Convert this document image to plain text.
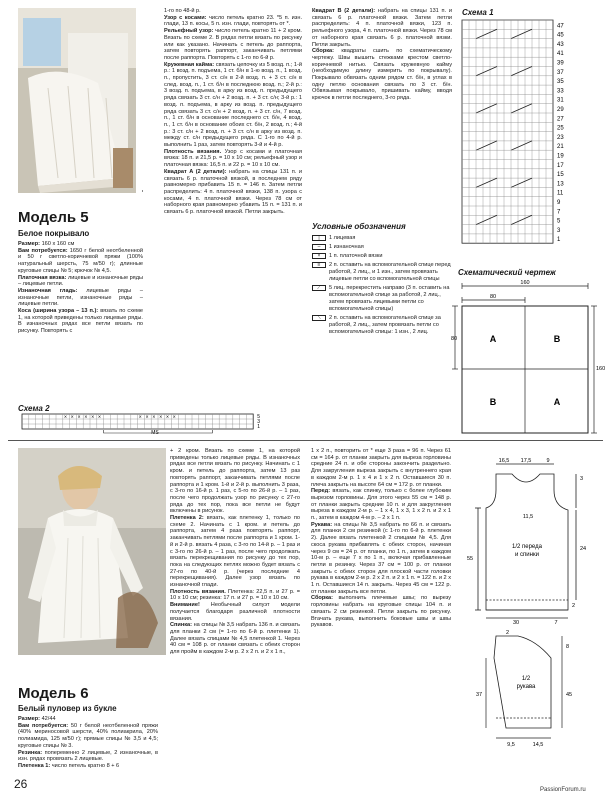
Модель 5
Белое покрывало

Размер: 160 х 160 см

Вам потребуется: 1650 г белой неотбеленной и 50 г светло-коричневой пряжи (100% натуральный шерсть, 75 м/50 г); длинные круговые спицы № 5; крючок № 4,5.

Платочная вязка: лицевые и изнаночные ряды – лицевые петли.

Изнаночная гладь: лицевые ряды – изнаночные петли, изнаночные ряды – лицевые петли.

Коса (ширина узора – 13 п.): вязать по схеме 1, на которой приведены только лицевые ряды. В изнаночных рядах все петли вязать по рисунку. Повторять с

1-го по 48-й р.

Узор с косами: число петель кратно 23. *5 п. изн. глади, 13 п. косы, 5 п. изн. глади, повторять от *.

Рельефный узор: число петель кратно 11 + 2 кром. Вязать по схеме 2. В рядах петли вязать по рисунку или как указано. Начинать с петель до раппорта, затем повторять раппорт, заканчивать петлями после раппорта. Повторять с 1-го по 6-й р.

Кружевная кайма: связать цепочку из 5 возд. п.; 1-й р.: 1 возд. п. подъема, 1 ст. б/н в 1-ю возд. п., 1 возд. п., пропустить, 3 ст. с/н в 2-й возд. п. + 3 ст. с/н в след. возд. п., 1 ст. б/н в последнюю возд. п.; 2-й р.: 3 возд. п. подъема, в арку из возд. п. предыдущего ряда связать 3 ст. с/н + 2 возд. п. + 3 ст. с/н; 3-й р.: 1 возд. п. подъема, в арку из возд. п. предыдущего ряда связать 3 ст. с/н + 2 возд. п. + 3 ст. с/н, 7 возд. п., 1 ст. б/н в основание последнего ст. б/н, 4 возд. п., 1 ст. б/н в основание обоих ст. б/н, 2 возд. п.; 4-й р.: 3 ст. с/н + 2 возд. п. + 3 ст. с/н в арку из возд. п. между ст. с/н предыдущего ряда. С 1-го по 4-й р. выполнить 1 раз, затем повторять 3-й и 4-й р.

Плотность вязания. Узор с косами и платочная вязка: 18 п. и 21,5 р. = 10 х 10 см; рельефный узор и платочная вязка: 16,5 п. и 22 р. = 10 х 10 см.

Квадрат А (2 детали): набрать на спицы 131 п. и связать 6 р. платочной вязкой, в последнем ряду равномерно прибавить 15 п. = 146 п. Затем петли распределить: 4 п. платочной вязки, 138 п. узора с косами, 4 п. платочной вязки. Через 78 см от наборного края равномерно убавить 15 п. = 131 п. и связать 6 р. платочной вязкой. Петли закрыть.

Квадрат В (2 детали): набрать на спицы 131 п. и связать 6 р. платочной вязки. Затем петли распределить: 4 п. платочной вязки, 123 п. рельефного узора, 4 п. платочной вязки. Через 78 см от наборного края связать 6 р. платочной вязки. Петли закрыть.

Сборка: квадраты сшить по схематическому чертежу. Швы вышить стежками крестом светло-коричневой нитью. Связать кружевную кайму (необходимую длину измерить по покрывалу). Покрывало обвязать одним рядом ст. б/н, в углах в одну петлю основания связать по 3 ст. б/н. Обвязывая покрывало, пришивать кайму, вводя крючок в петли последнего, 3-го ряда.

Условные обозначения
|	1 лицевая
–	1 изнаночная
×	1 п. платочной вязки
≡	2 п. оставить на вспомогательной спице перед работой, 2 лиц., и 1 изн., затем провязать лицевые петли со вспомогательной спицы
⟋	5 лиц. перекрестить направо (3 п. оставить на вспомогательной спице за работой, 2 лиц., затем провязать лицевыми петли со вспомогательной спицы)
⟍	2 п. оставить на вспомогательной спице за работой, 2 лиц., затем провязать петли со вспомогательной спицы: 1 изн., 2 лиц.
Схема 1
47
45
43
41
39
37
35
33
31
29
27
25
23
21
19
17
15
13
11
9
7
5
3
1
Схематический чертеж
160
80
160
80	A	B
B	A
Схема 2
5
× × × × × ×	× × × × × ×
3
1
MS
Модель 6
Белый пуловер из букле

Размер: 42/44

Вам потребуется: 50 г белой неотбеленной пряжи (40% мериносовой шерсти, 40% полиакрила, 20% полиамида, 125 м/50 г); прямые спицы № 3,5 и 4,5; круговые спицы № 3.

Резинка: попеременно 2 лицевые, 2 изнаночные, в изн. рядах провязать 2 лицевые.

Плетенка 1: число петель кратно 8 + 6

+ 2 кром. Вязать по схеме 1, на которой приведены только лицевые ряды. В изнаночных рядах все петли вязать по рисунку. Начинать с 1 кром. и петель до раппорта, затем 13 раз повторять раппорт, заканчивать петлями после раппорта и 1 кром. 1-й и 2-й р. выполнить 3 раза, с 3-го по 16-й р. 1 раз, с 5-го по 26-й р. – 1 раз, после чего продолжать узор по рисунку с 27-го ряда до тех пор, пока все петли не будут включены в рисунок.

Плетенка 2: вязать, как плетенку 1, только по схеме 2. Начинать с 1 кром. и петель до раппорта, затем 4 раза повторять раппорт, заканчивать петлями после раппорта и 1 кром. 1-й и 2-й р. вязать 4 раза, с 3-го по 14-й р. – 1 раз и с 3-го по 26-й р. – 1 раз, после чего продолжать вязать перекрещивания по рисунку до тех пор, пока на следующих петлях можно будет вязать с 27-го по 40-й р. (через последние 4 перекрещивания). Далее узор вязать по изнаночной глади.

Плотность вязания. Плетенка: 22,5 п. и 27 р. = 10 х 10 см; резинка: 17 п. и 27 р. = 10 х 10 см.

Внимание! Необычный силуэт модели получается благодаря различной плотности вязания.

Спинка: на спицы № 3,5 набрать 136 п. и связать для планки 2 см (= 1-го по 6-й р. плетенки 1). Далее вязать спицами № 4,5 плетенкой 1. Через 40 см = 108 р. от планки связать с обеих сторон для пройм в каждом 2-м р. 2 х 2 п. и 2 х 1 п.,

1 х 2 п., повторить от * еще 3 раза = 96 п. Через 61 см = 164 р. от планки закрыть для выреза горловины средние 24 п. и обе стороны закончить раздельно. Для закругления выреза закрыть с внутреннего края в каждом 2-м р. 1 х 4 и 1 х 2 п. Оставшиеся 30 п. плеча закрыть на высоте 64 см = 172 р. от планки.

Перед: вязать, как спинку, только с более глубоким вырезом горловины. Для этого через 55 см = 148 р. от планки закрыть средние 10 п. и для закругления выреза в каждом 2-м р. – 1 х 4, 1 х 3, 1 х 2 п. и 2 х 1 п., затем в каждом 4-м р. – 2 х 1 п.

Рукава: на спицы № 3,5 набрать по 66 п. и связать для планки 2 см резинкой (с 1-го по 6-й р. плетенки 2). Далее вязать плетенкой 2 спицами № 4,5. Для скоса рукава прибавлять с обеих сторон, начиная через 9 см = 24 р. от планки, по 1 п., затем в каждом 10-м р. – еще 7 х по 1 п., включая прибавленные петли в резинку. Через 37 см = 100 р. от планки закрыть с обеих сторон для плоской части головки рукава в каждом 2-м р. 2 х 2 п. и 2 х 1 п. = 122 п. и 2 х 1 п. Оставшиеся 14 п. закрыть. Через 45 см = 122 р. от планки закрыть все петли.

Сборка: выполнить плечевые швы; по вырезу горловины набрать на круговые спицы 104 п. и связать 2 см резинкой. Петли закрыть по рисунку. Втачать рукава, выполнить боковые швы и швы рукавов.

16,5 17,5	9
3
24
55
11,5
2
30	7
1/2 переда
и спинки
2
8
45
37
9,5	14,5
1/2
рукава
26	PassionForum.ru
